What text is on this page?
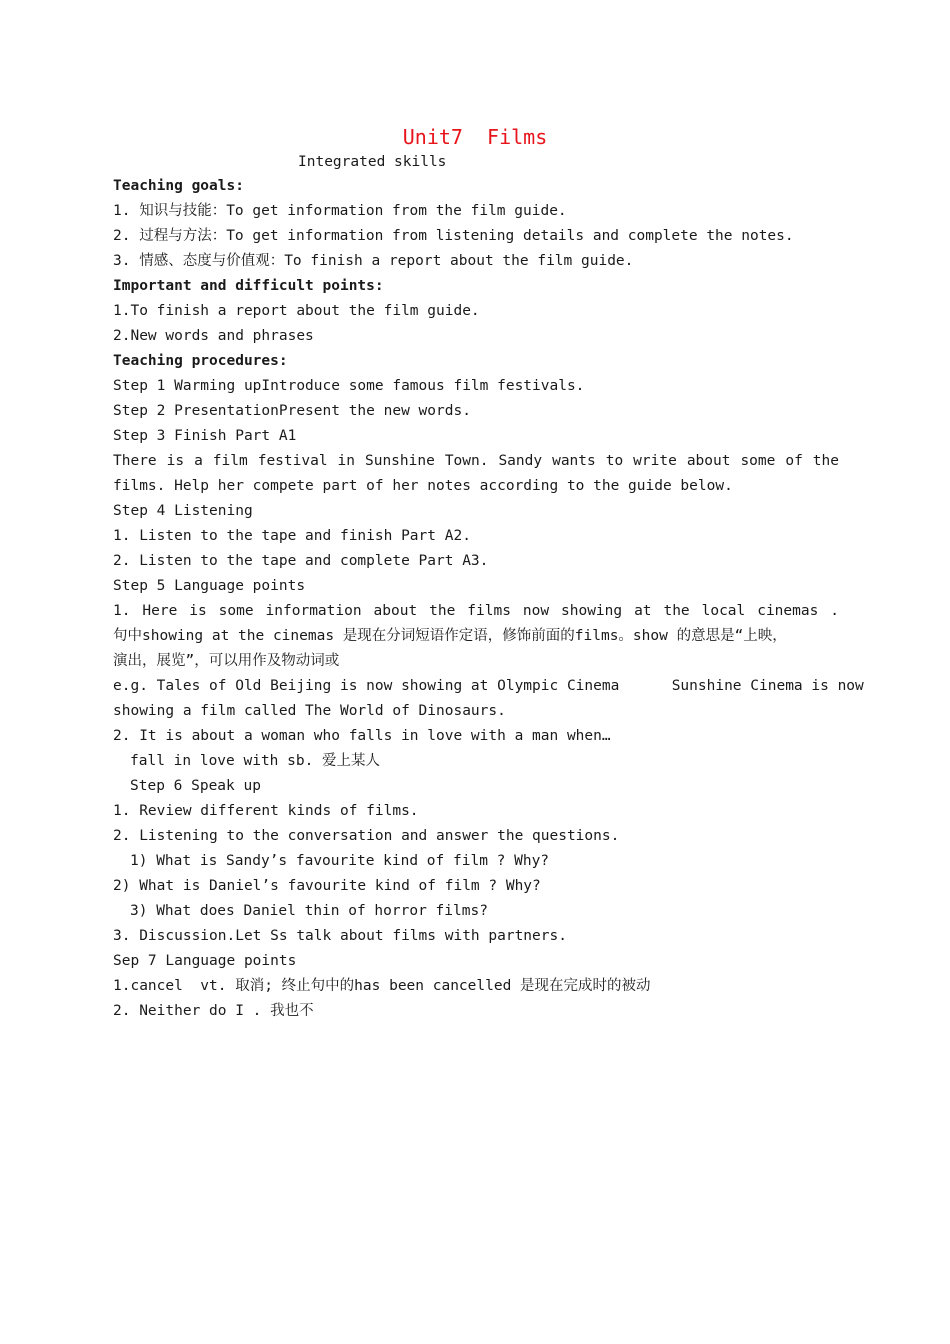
Unit7  Films
Integrated skills
Teaching goals:
1. 知识与技能：To get information from the film guide.
2. 过程与方法：To get information from listening details and complete the notes.
3. 情感、态度与价值观：To finish a report about the film guide.
Important and difficult points:
1.To finish a report about the film guide.
2.New words and phrases
Teaching procedures:
Step 1 Warming upIntroduce some famous film festivals.
Step 2 PresentationPresent the new words.
Step 3 Finish Part A1
There is a film festival in Sunshine Town. Sandy wants to write about some of the
films. Help her compete part of her notes according to the guide below.
Step 4 Listening
1. Listen to the tape and finish Part A2.
2. Listen to the tape and complete Part A3.
Step 5 Language points
1. Here is some information about the films now showing at the local cinemas .
句中showing at the cinemas 是现在分词短语作定语，修饰前面的films。show 的意思是“上映，
演出，展览”，可以用作及物动词或
e.g. Tales of Old Beijing is now showing at Olympic Cinema      Sunshine Cinema is now
showing a film called The World of Dinosaurs.
2. It is about a woman who falls in love with a man when…
fall in love with sb. 爱上某人
Step 6 Speak up
1. Review different kinds of films.
2. Listening to the conversation and answer the questions.
1) What is Sandy’s favourite kind of film ? Why?
2) What is Daniel’s favourite kind of film ? Why?
3) What does Daniel thin of horror films?
3. Discussion.Let Ss talk about films with partners.
Sep 7 Language points
1.cancel  vt. 取消; 终止句中的has been cancelled 是现在完成时的被动
2. Neither do I . 我也不
